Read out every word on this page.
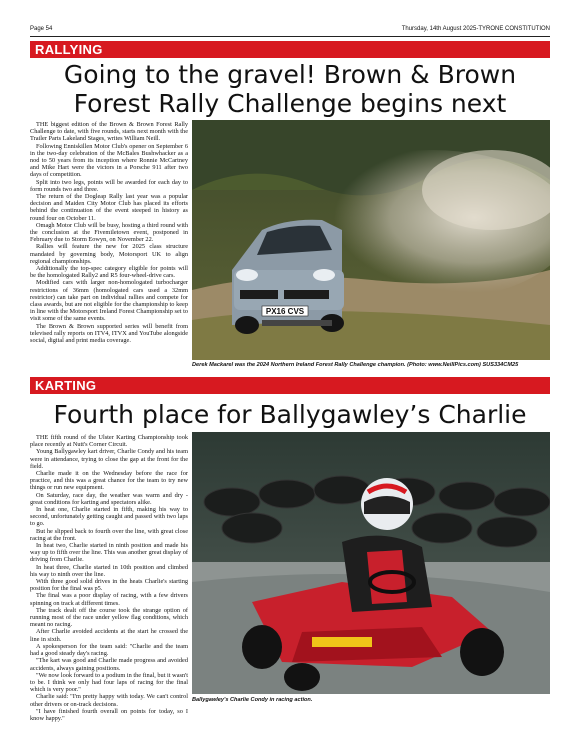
Page 54	Thursday, 14th August 2025-TYRONE CONSTITUTION
RALLYING
Going to the gravel! Brown & Brown
Forest Rally Challenge begins next

THE biggest edition of the Brown & Brown Forest Rally Challenge to date, with five rounds, starts next month with the Trailer Parts Lakeland Stages, writes William Neill.

Following Enniskillen Motor Club's opener on September 6 in the two-day celebration of the McBales Bushwhacker as a nod to 50 years from its inception where Ronnie McCartney and Mike Hart were the victors in a Porsche 911 after two days of competition.

Split into two legs, points will be awarded for each day to form rounds two and three.

The return of the Dogleap Rally last year was a popular decision and Maiden City Motor Club has placed its efforts behind the continuation of the event steeped in history as round four on October 11.

Omagh Motor Club will be busy, hosting a third round with the conclusion at the Fivemiletown event, postponed in February due to Storm Eowyn, on November 22.

Rallies will feature the new for 2025 class structure mandated by governing body, Motorsport UK to align regional championships.

Additionally the top-spec category eligible for points will be the homologated Rally2 and R5 four-wheel-drive cars.

Modified cars with larger non-homologated turbocharger restrictions of 36mm (homologated cars used a 32mm restrictor) can take part on individual rallies and compete for class awards, but are not eligible for the championship to keep in line with the Motorsport Ireland Forest Championship set to visit some of the same events.

The Brown & Brown supported series will benefit from televised rally reports on ITV4, ITVX and YouTube alongside social, digital and print media coverage.

PX16 CVS
Derek Mackarel was the 2024 Northern Ireland Forest Rally Challenge champion. (Photo: www.NeillPics.com) SUS334CM25
KARTING
Fourth place for Ballygawley’s Charlie

THE fifth round of the Ulster Karting Championship took place recently at Nutt's Corner Circuit.

Young Ballygawley kart driver, Charlie Condy and his team were in attendance, trying to close the gap at the front for the field.

Charlie made it on the Wednesday before the race for practice, and this was a great chance for the team to try new things or run new equipment.

On Saturday, race day, the weather was warm and dry - great conditions for karting and spectators alike.

In heat one, Charlie started in fifth, making his way to second, unfortunately getting caught and passed with two laps to go.

But he slipped back to fourth over the line, with great close racing at the front.

In heat two, Charlie started in ninth position and made his way up to fifth over the line. This was another great display of driving from Charlie.

In heat three, Charlie started in 10th position and climbed his way to ninth over the line.

With three good solid drives in the heats Charlie's starting position for the final was p5.

The final was a poor display of racing, with a few drivers spinning on track at different times.

The track dealt off the course took the strange option of running most of the race under yellow flag conditions, which meant no racing.

After Charlie avoided accidents at the start he crossed the line in sixth.

A spokesperson for the team said: "Charlie and the team had a good steady day's racing.

"The kart was good and Charlie made progress and avoided accidents, always gaining positions.

"We now look forward to a podium in the final, but it wasn't to be. I think we only had four laps of racing for the final which is very poor."

Charlie said: "I'm pretty happy with today. We can't control other drivers or on-track decisions.

"I have finished fourth overall on points for today, so I know happy."

Ballygawley's Charlie Condy in racing action.
